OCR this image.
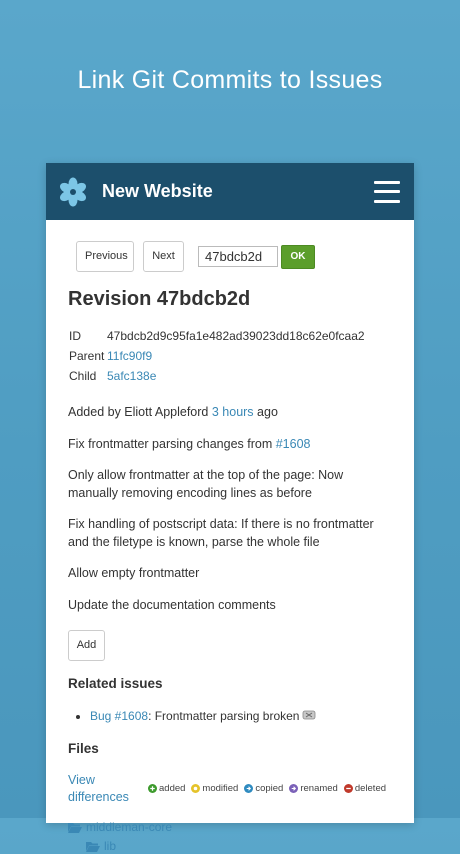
Link Git Commits to Issues
New Website
Previous	Next
47bdcb2d	OK
Revision 47bdcb2d
ID	47bdcb2d9c95fa1e482ad39023dd18c62e0fcaa2
Parent	11fc90f9
Child	5afc138e

Added by Eliott Appleford 3 hours ago

Fix frontmatter parsing changes from #1608

Only allow frontmatter at the top of the page: Now manually removing encoding lines as before

Fix handling of postscript data: If there is no frontmatter and the filetype is known, parse the whole file

Allow empty frontmatter

Update the documentation comments

Add
Related issues
• Bug #1608: Frontmatter parsing broken
Files
View differences
added modified copied renamed deleted
middleman-core
lib
